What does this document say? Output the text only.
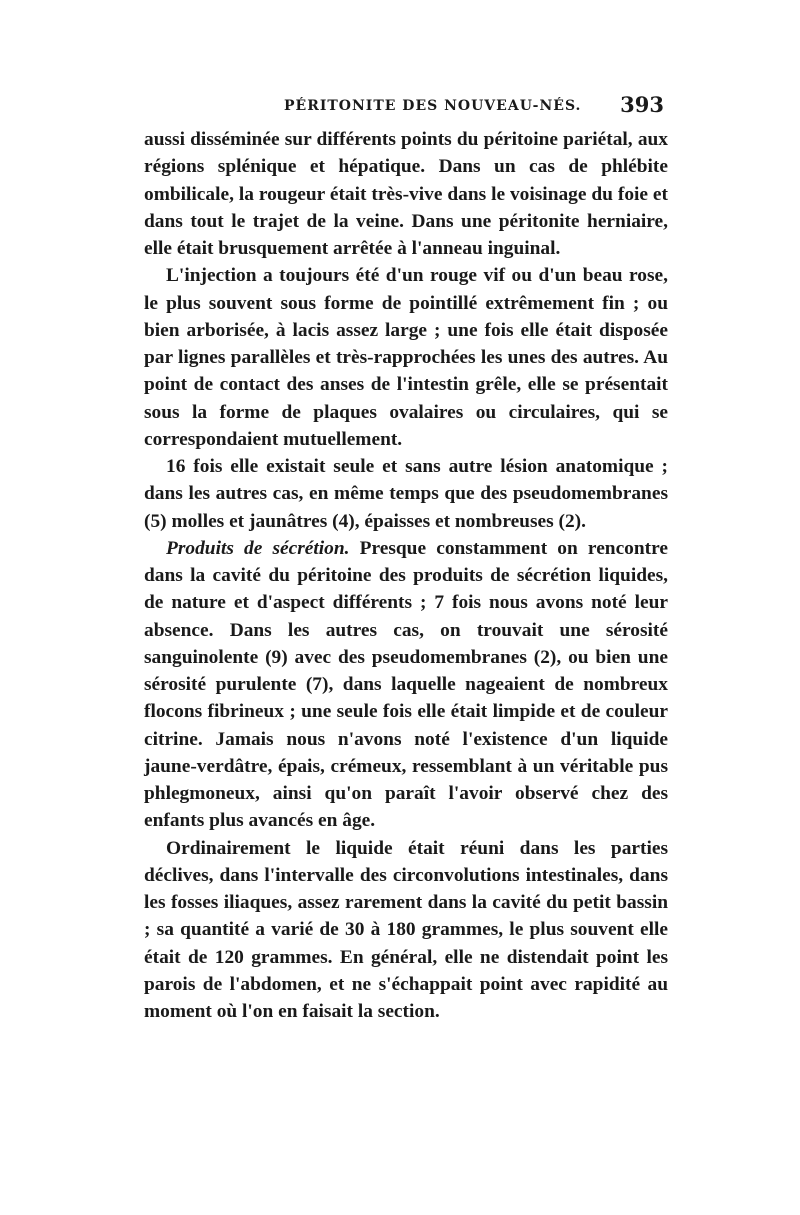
PÉRITONITE DES NOUVEAU-NÉS. 393

aussi disséminée sur différents points du péritoine pariétal, aux régions splénique et hépatique. Dans un cas de phlébite ombilicale, la rougeur était très-vive dans le voisinage du foie et dans tout le trajet de la veine. Dans une péritonite herniaire, elle était brusquement arrêtée à l'anneau inguinal.

L'injection a toujours été d'un rouge vif ou d'un beau rose, le plus souvent sous forme de pointillé extrêmement fin ; ou bien arborisée, à lacis assez large ; une fois elle était disposée par lignes parallèles et très-rapprochées les unes des autres. Au point de contact des anses de l'intestin grêle, elle se présentait sous la forme de plaques ovalaires ou circulaires, qui se correspondaient mutuellement.

16 fois elle existait seule et sans autre lésion anatomique ; dans les autres cas, en même temps que des pseudomembranes (5) molles et jaunâtres (4), épaisses et nombreuses (2).

Produits de sécrétion. Presque constamment on rencontre dans la cavité du péritoine des produits de sécrétion liquides, de nature et d'aspect différents ; 7 fois nous avons noté leur absence. Dans les autres cas, on trouvait une sérosité sanguinolente (9) avec des pseudomembranes (2), ou bien une sérosité purulente (7), dans laquelle nageaient de nombreux flocons fibrineux ; une seule fois elle était limpide et de couleur citrine. Jamais nous n'avons noté l'existence d'un liquide jaune-verdâtre, épais, crémeux, ressemblant à un véritable pus phlegmoneux, ainsi qu'on paraît l'avoir observé chez des enfants plus avancés en âge.

Ordinairement le liquide était réuni dans les parties déclives, dans l'intervalle des circonvolutions intestinales, dans les fosses iliaques, assez rarement dans la cavité du petit bassin ; sa quantité a varié de 30 à 180 grammes, le plus souvent elle était de 120 grammes. En général, elle ne distendait point les parois de l'abdomen, et ne s'échappait point avec rapidité au moment où l'on en faisait la section.
